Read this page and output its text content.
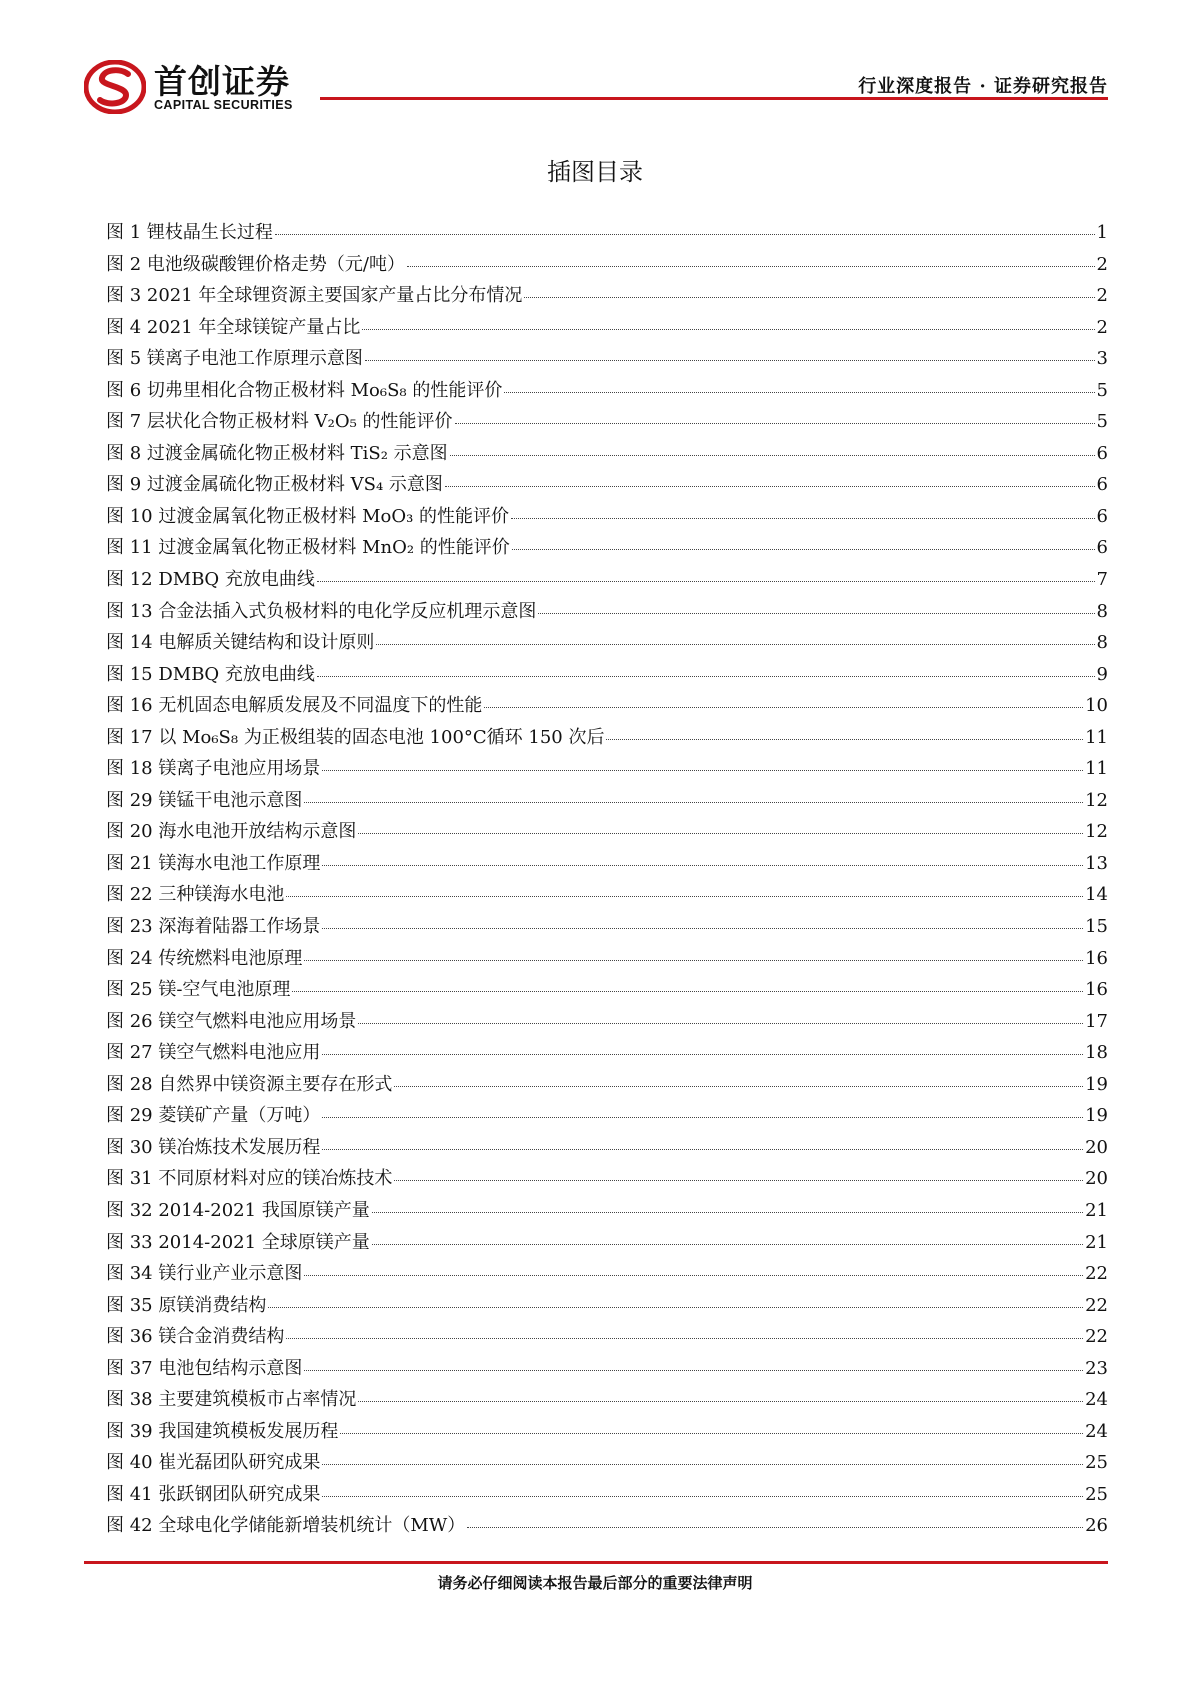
首创证券
CAPITAL SECURITIES
行业深度报告 · 证券研究报告
插图目录
图 1 锂枝晶生长过程	1
图 2 电池级碳酸锂价格走势（元/吨）	2
图 3 2021 年全球锂资源主要国家产量占比分布情况	2
图 4 2021 年全球镁锭产量占比	2
图 5 镁离子电池工作原理示意图	3
图 6 切弗里相化合物正极材料 Mo₆S₈ 的性能评价	5
图 7 层状化合物正极材料 V₂O₅ 的性能评价	5
图 8 过渡金属硫化物正极材料 TiS₂ 示意图	6
图 9 过渡金属硫化物正极材料 VS₄ 示意图	6
图 10 过渡金属氧化物正极材料 MoO₃ 的性能评价	6
图 11 过渡金属氧化物正极材料 MnO₂ 的性能评价	6
图 12 DMBQ 充放电曲线	7
图 13 合金法插入式负极材料的电化学反应机理示意图	8
图 14 电解质关键结构和设计原则	8
图 15 DMBQ 充放电曲线	9
图 16 无机固态电解质发展及不同温度下的性能	10
图 17 以 Mo₆S₈ 为正极组装的固态电池 100°C循环 150 次后	11
图 18 镁离子电池应用场景	11
图 29 镁锰干电池示意图	12
图 20 海水电池开放结构示意图	12
图 21 镁海水电池工作原理	13
图 22 三种镁海水电池	14
图 23 深海着陆器工作场景	15
图 24 传统燃料电池原理	16
图 25 镁-空气电池原理	16
图 26 镁空气燃料电池应用场景	17
图 27 镁空气燃料电池应用	18
图 28 自然界中镁资源主要存在形式	19
图 29 菱镁矿产量（万吨）	19
图 30 镁冶炼技术发展历程	20
图 31 不同原材料对应的镁冶炼技术	20
图 32 2014-2021 我国原镁产量	21
图 33 2014-2021 全球原镁产量	21
图 34 镁行业产业示意图	22
图 35 原镁消费结构	22
图 36 镁合金消费结构	22
图 37 电池包结构示意图	23
图 38 主要建筑模板市占率情况	24
图 39 我国建筑模板发展历程	24
图 40 崔光磊团队研究成果	25
图 41 张跃钢团队研究成果	25
图 42 全球电化学储能新增装机统计（MW）	26
请务必仔细阅读本报告最后部分的重要法律声明
